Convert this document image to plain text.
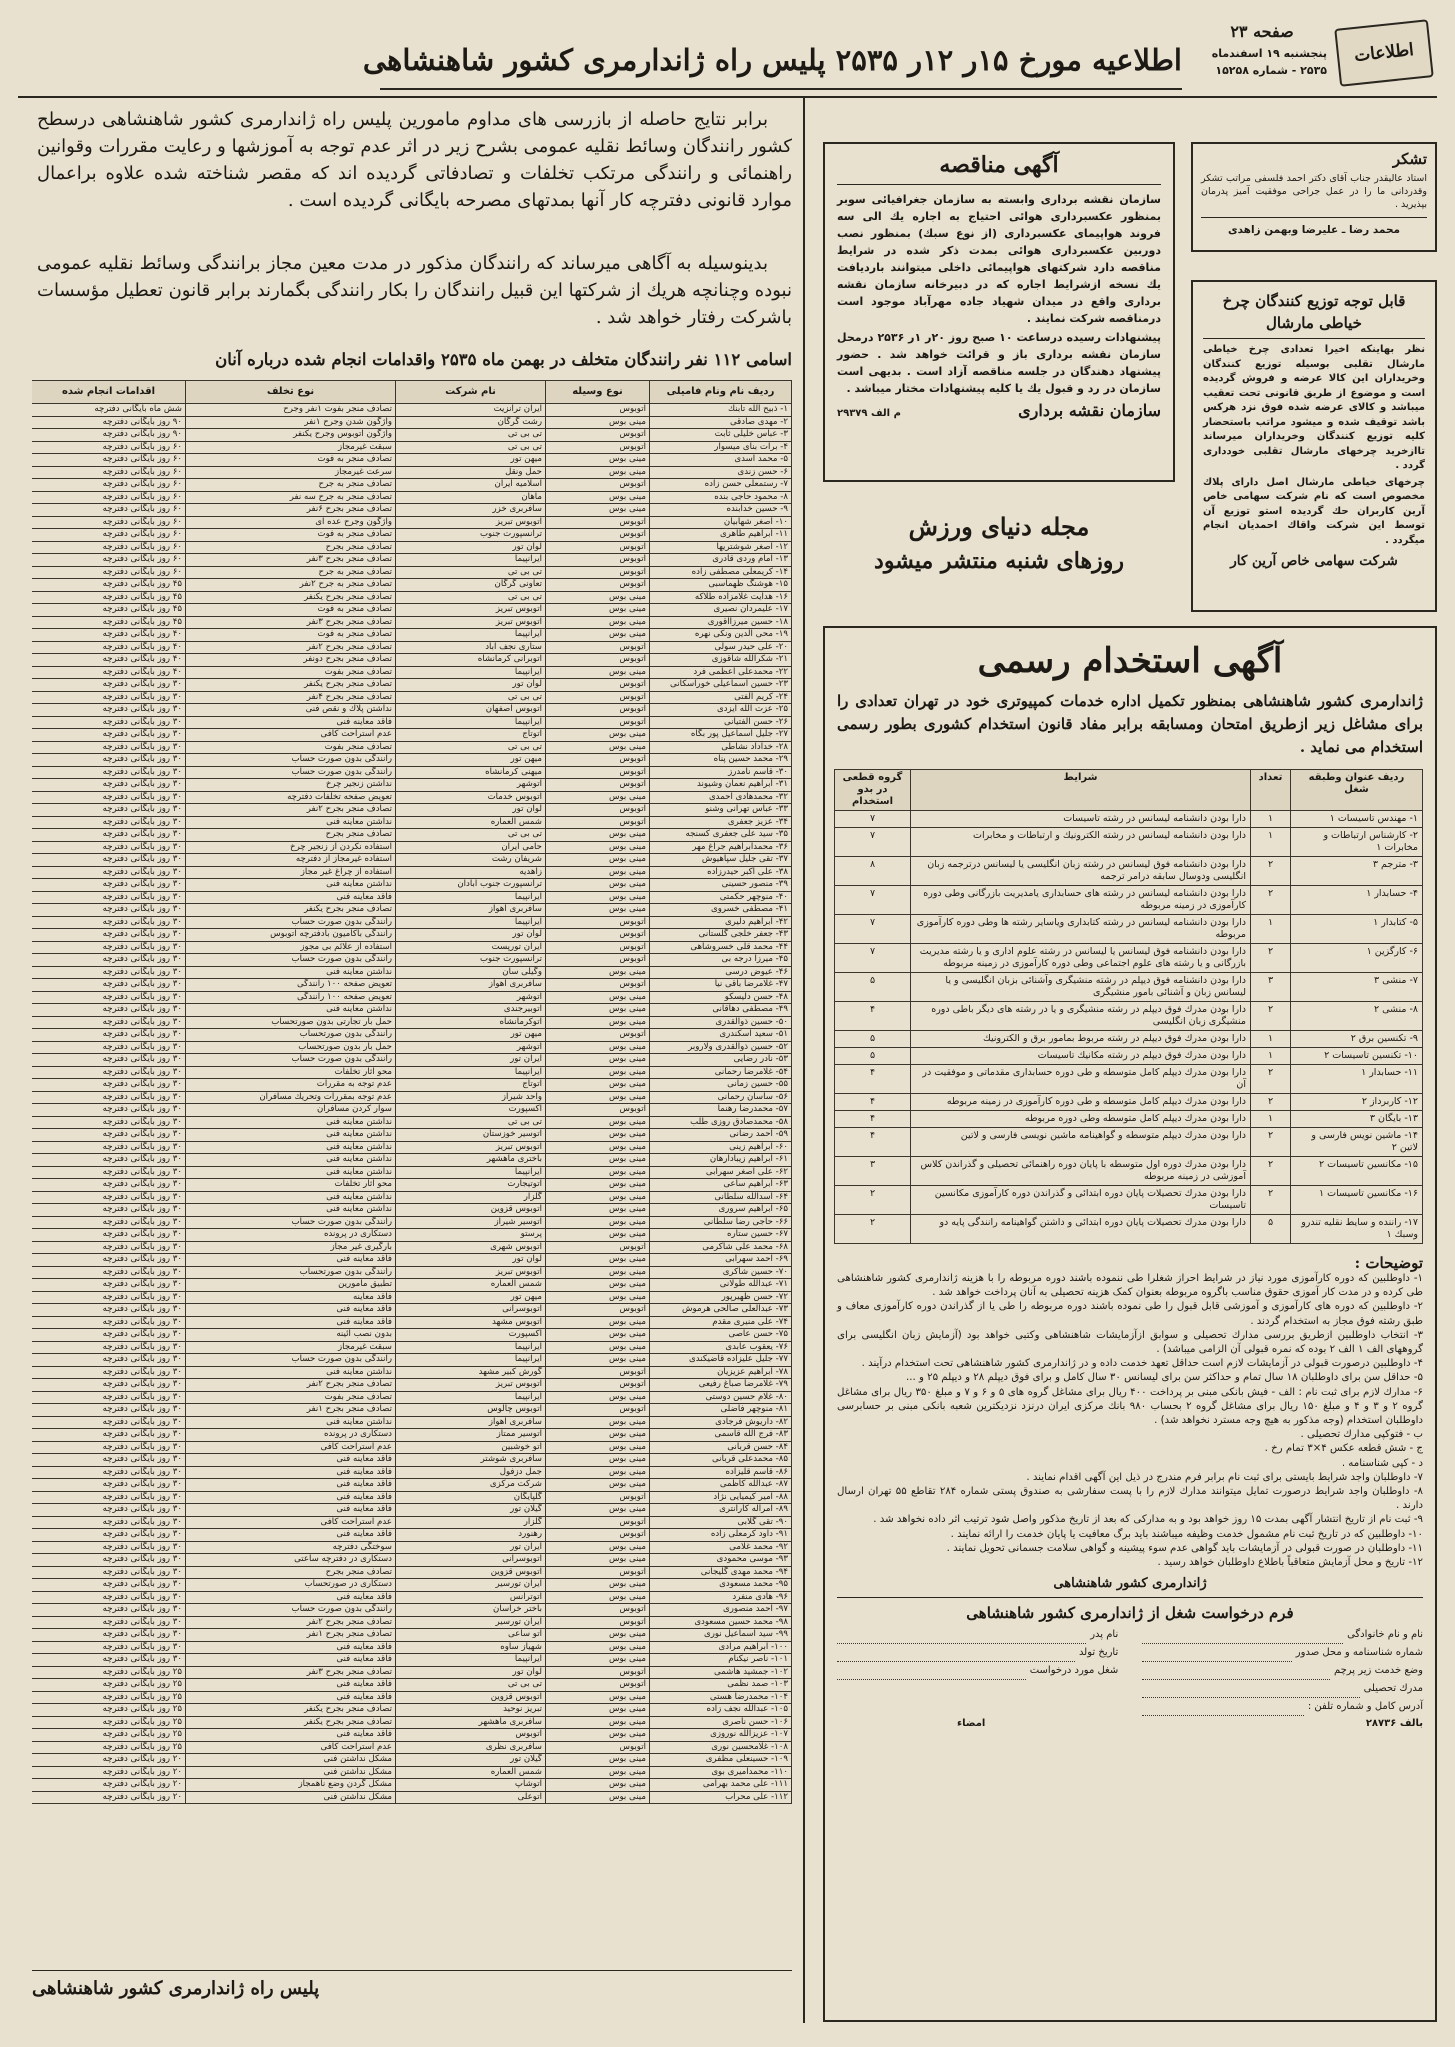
اطلاعات
صفحه ۲۳
پنجشنبه ۱۹ اسفندماه
۲۵۳۵ - شماره ۱۵۲۵۸
اطلاعیه مورخ ۱۵ر ۱۲ر ۲۵۳۵ پلیس راه ژاندارمری کشور شاهنشاهی
برابر نتایج حاصله از بازرسی های مداوم مامورین پلیس راه ژاندارمری کشور شاهنشاهی درسطح کشور رانندگان وسائط نقلیه عمومی بشرح زیر در اثر عدم توجه به آموزشها و رعایت مقررات وقوانین راهنمائی و رانندگی مرتکب تخلفات و تصادفاتی گردیده اند که مقصر شناخته شده علاوه براعمال موارد قانونی دفترچه کار آنها بمدتهای مصرحه بایگانی گردیده است .
بدینوسیله به آگاهی میرساند که رانندگان مذکور در مدت معین مجاز برانندگی وسائط نقلیه عمومی نبوده وچنانچه هریك از شرکتها این قبیل رانندگان را بکار رانندگی بگمارند برابر قانون تعطیل مؤسسات باشرکت رفتار خواهد شد .
اسامی ۱۱۲ نفر رانندگان متخلف در بهمن ماه ۲۵۳۵ واقدامات انجام شده درباره آنان
ردیف نام ونام فامیلی	نوع وسیله	نام شرکت	نوع تخلف	اقدامات انجام شده
۱- ذبیح الله تابنك	اتوبوس	ایران ترانزیت	تصادف منجر بفوت ۱نفر وجرح	شش ماه بایگانی دفترچه
۲- مهدی صادقی	مینی بوس	رشت گرگان	واژگون شدن وجرح ۱نفر	۹۰ روز بایگانی دفترچه
۳- عباس خلیلی ثابت	اتوبوس	تی بی تی	واژگون اتوبوس وجرح یکنفر	۹۰ روز بایگانی دفترچه
۴- برات بنای میسوار	اتوبوس	تی بی تی	سبقت غیرمجاز	۶۰ روز بایگانی دفترچه
۵- محمد اسدی	مینی بوس	میهن تور	تصادف منجر به فوت	۶۰ روز بایگانی دفترچه
۶- حسن زندی	مینی بوس	حمل ونقل	سرعت غیرمجاز	۶۰ روز بایگانی دفترچه
۷- رستمعلی حسن زاده	اتوبوس	اسلامیه ایران	تصادف منجر به جرح	۶۰ روز بایگانی دفترچه
۸- محمود حاجی بنده	مینی بوس	ماهان	تصادف منجر به جرح سه نفر	۶۰ روز بایگانی دفترچه
۹- حسین خدابنده	مینی بوس	سافربری خزر	تصادف منجر بجرح ۶نفر	۶۰ روز بایگانی دفترچه
۱۰- اصغر شهابیان	اتوبوس	اتوبوس تبریز	واژگون وجرح عده ای	۶۰ روز بایگانی دفترچه
۱۱- ابراهیم طاهری	اتوبوس	ترانسپورت جنوب	تصادف منجر به فوت	۶۰ روز بایگانی دفترچه
۱۲- اصغر شوشتریها	اتوبوس	لوان تور	تصادف منجر بجرح	۶۰ روز بایگانی دفترچه
۱۳- امام وردی قادری	اتوبوس	ایرانپیما	تصادف منجر بجرح ۳نفر	۶۰ روز بایگانی دفترچه
۱۴- کریمعلی مصطفی زاده	اتوبوس	تی بی تی	تصادف منجر به جرح	۶۰ روز بایگانی دفترچه
۱۵- هوشنگ ظهماسبی	اتوبوس	تعاونی گرگان	تصادف منجر به جرح ۲نفر	۴۵ روز بایگانی دفترچه
۱۶- هدایت غلامزاده طلاکه	مینی بوس	تی بی تی	تصادف منجر بجرح یکنفر	۴۵ روز بایگانی دفترچه
۱۷- علیمردان نصیری	مینی بوس	اتوبوس تبریز	تصادف منجر به فوت	۴۵ روز بایگانی دفترچه
۱۸- حسین میرزاآقوری	مینی بوس	اتوبوس تبریز	تصادف منجر بجرح ۳نفر	۴۵ روز بایگانی دفترچه
۱۹- محی الدین ونکی نهره	مینی بوس	ایرانپیما	تصادف منجر به فوت	۴۰ روز بایگانی دفترچه
۲۰- علی حیدر سولی	اتوبوس	ستاری نجف آباد	تصادف منجر بجرح ۲نفر	۴۰ روز بایگانی دفترچه
۲۱- شکرالله شاقوزی	اتوبوس	اتوبرانی کرمانشاه	تصادف منجر بجرح دونفر	۴۰ روز بایگانی دفترچه
۲۲- محمدعلی اعظمی فرد	مینی بوس	ایرانپیما	تصادف منجر بفوت	۴۰ روز بایگانی دفترچه
۲۳- حسین اسماعیلی خوراسکانی	اتوبوس	لوان تور	تصادف منجر بجرح یکنفر	۳۰ روز بایگانی دفترچه
۲۴- کریم آلفتی	اتوبوس	تی بی تی	تصادف منجر بجرح ۴نفر	۳۰ روز بایگانی دفترچه
۲۵- عزت الله ایزدی	اتوبوس	اتوبوس اصفهان	نداشتن پلاك و نقص فنی	۳۰ روز بایگانی دفترچه
۲۶- حسن آلفتیانی	اتوبوس	ایرانپیما	فاقد معاینه فنی	۳۰ روز بایگانی دفترچه
۲۷- جلیل اسماعیل پور بگاه	مینی بوس	اتوتاج	عدم استراحت کافی	۳۰ روز بایگانی دفترچه
۲۸- خداداد نشاطی	مینی بوس	تی بی تی	تصادف منجر بفوت	۳۰ روز بایگانی دفترچه
۲۹- محمد حسین پناه	اتوبوس	میهن تور	رانندگی بدون صورت حساب	۳۰ روز بایگانی دفترچه
۳۰- قاسم نامدرز	اتوبوس	میهنی کرمانشاه	رانندگی بدون صورت حساب	۳۰ روز بایگانی دفترچه
۳۱- ابراهیم نعمان وشیوند	اتوبوس	اتوشهر	نداشتن زنجیر چرخ	۳۰ روز بایگانی دفترچه
۳۲- محمدهادی احمدی	مینی بوس	اتوبوس خدمات	تعویض صفحه تخلفات دفترچه	۳۰ روز بایگانی دفترچه
۳۳- عباس تهرانی وشنو	اتوبوس	لوان تور	تصادف منجر بجرح ۲نفر	۳۰ روز بایگانی دفترچه
۳۴- عزیز جعفری	اتوبوس	شمس العماره	نداشتن معاینه فنی	۳۰ روز بایگانی دفترچه
۳۵- سید علی جعفری کسنجه	مینی بوس	تی بی تی	تصادف منجر بجرح	۳۰ روز بایگانی دفترچه
۳۶- محمدابراهیم جراغ مهر	مینی بوس	حامی ایران	استفاده نکردن از زنجیر چرخ	۳۰ روز بایگانی دفترچه
۳۷- تقی جلیل سپاهیوش	مینی بوس	شریفان رشت	استفاده غیرمجاز از دفترچه	۳۰ روز بایگانی دفترچه
۳۸- علی اکبر حیدرزاده	مینی بوس	زاهدیه	استفاده از چراغ غیر مجاز	۳۰ روز بایگانی دفترچه
۳۹- منصور حسینی	مینی بوس	ترانسپورت جنوب آبادان	نداشتن معاینه فنی	۳۰ روز بایگانی دفترچه
۴۰- منوچهر حکمتی	مینی بوس	ایرانپیما	فاقد معاینه فنی	۳۰ روز بایگانی دفترچه
۴۱- مصطفی خسروی	مینی بوس	سافربری اهواز	تصادف منجر بجرح یکنفر	۳۰ روز بایگانی دفترچه
۴۲- ابراهیم دلیری	اتوبوس	ایرانپیما	رانندگی بدون صورت حساب	۳۰ روز بایگانی دفترچه
۴۳- جعفر خلجی گلستانی	اتوبوس	لوان تور	رانندگی باکامیون بادفترچه اتوبوس	۳۰ روز بایگانی دفترچه
۴۴- محمد قلی خسروشاهی	اتوبوس	ایران تورپست	استفاده از علائم بی مجوز	۳۰ روز بایگانی دفترچه
۴۵- میرزا درجه بی	اتوبوس	ترانسپورت جنوب	رانندگی بدون صورت حساب	۳۰ روز بایگانی دفترچه
۴۶- عیوض درسی	مینی بوس	وگیلی سان	نداشتن معاینه فنی	۳۰ روز بایگانی دفترچه
۴۷- غلامرضا باقی نیا	اتوبوس	سافربری اهواز	تعویض صفحه ۱۰۰ رانندگی	۳۰ روز بایگانی دفترچه
۴۸- حسن دلیسکو	مینی بوس	اتوشهر	تعویض صفحه ۱۰۰ رانندگی	۳۰ روز بایگانی دفترچه
۴۹- مصطفی دهاقانی	مینی بوس	اتوبیرجندی	نداشتن معاینه فنی	۳۰ روز بایگانی دفترچه
۵۰- حسین ذوالقدری	مینی بوس	اتوکرمانشاه	حمل بار تجارتی بدون صورتحساب	۳۰ روز بایگانی دفترچه
۵۱- سعید اسکندری	اتوبوس	میهن تور	رانندگی بدون صورتحساب	۳۰ روز بایگانی دفترچه
۵۲- حسین ذوالقدری ولاروبر	مینی بوس	اتوشهر	حمل بار بدون صورتحساب	۳۰ روز بایگانی دفترچه
۵۳- نادر رضایی	مینی بوس	ایران تور	رانندگی بدون صورت حساب	۳۰ روز بایگانی دفترچه
۵۴- غلامرضا رحمانی	مینی بوس	ایرانپیما	محو آثار تخلفات	۳۰ روز بایگانی دفترچه
۵۵- حسین زمانی	مینی بوس	اتوتاج	عدم توجه به مقررات	۳۰ روز بایگانی دفترچه
۵۶- ساسان رحمانی	مینی بوس	واحد شیراز	عدم توجه بمقررات وتحریك مسافران	۳۰ روز بایگانی دفترچه
۵۷- محمدرضا رهنما	اتوبوس	اکسپورت	سوار کردن مسافران	۳۰ روز بایگانی دفترچه
۵۸- محمدصادق روزی طلب	مینی بوس	تی بی تی	نداشتن معاینه فنی	۳۰ روز بایگانی دفترچه
۵۹- احمد رضانی	مینی بوس	اتوسیر خوزستان	نداشتن معاینه فنی	۳۰ روز بایگانی دفترچه
۶۰- ابراهیم زینی	مینی بوس	اتوبوس تبریز	نداشتن معاینه فنی	۳۰ روز بایگانی دفترچه
۶۱- ابراهیم زیبادارهان	مینی بوس	باختری ماهشهر	نداشتن معاینه فنی	۳۰ روز بایگانی دفترچه
۶۲- علی اصغر سهرابی	مینی بوس	ایرانپیما	نداشتن معاینه فنی	۳۰ روز بایگانی دفترچه
۶۳- ابراهیم ساعی	مینی بوس	اتوتیجارت	محو آثار تخلفات	۳۰ روز بایگانی دفترچه
۶۴- اسدالله سلطانی	مینی بوس	گلزار	نداشتن معاینه فنی	۳۰ روز بایگانی دفترچه
۶۵- ابراهیم سروری	مینی بوس	اتوبوس قزوین	نداشتن معاینه فنی	۳۰ روز بایگانی دفترچه
۶۶- حاجی رضا سلطانی	مینی بوس	اتوسیر شیراز	رانندگی بدون صورت حساب	۳۰ روز بایگانی دفترچه
۶۷- حسین ستاره	مینی بوس	پرستو	دستکاری در پرونده	۳۰ روز بایگانی دفترچه
۶۸- محمد علی شاکرمی	اتوبوس	اتوبوس شهری	بارگیری غیر مجاز	۳۰ روز بایگانی دفترچه
۶۹- احمد سهرابی	مینی بوس	لوان تور	فاقد معاینه فنی	۳۰ روز بایگانی دفترچه
۷۰- حسین شاکری	مینی بوس	اتوبوس تبریز	رانندگی بدون صورتحساب	۳۰ روز بایگانی دفترچه
۷۱- عبدالله طولانی	مینی بوس	شمس العماره	تطبیق مامورین	۳۰ روز بایگانی دفترچه
۷۲- حسن ظهیرپور	مینی بوس	میهن تور	فاقد معاینه	۳۰ روز بایگانی دفترچه
۷۳- عبدالعلی صالحی هرموش	اتوبوس	اتوبوسرانی	فاقد معاینه فنی	۳۰ روز بایگانی دفترچه
۷۴- علی منیری مقدم	مینی بوس	اتوبوس مشهد	فاقد معاینه فنی	۳۰ روز بایگانی دفترچه
۷۵- حسن عاصی	مینی بوس	اکسپورت	بدون نصب آئینه	۳۰ روز بایگانی دفترچه
۷۶- یعقوب عابدی	مینی بوس	ایرانپیما	سبقت غیرمجاز	۳۰ روز بایگانی دفترچه
۷۷- جلیل علیزاده قاضیکندی	مینی بوس	ایرانپیما	رانندگی بدون صورت حساب	۳۰ روز بایگانی دفترچه
۷۸- ابراهیم عزیزیان	اتوبوس	گورش کبیر مشهد	نداشتن معاینه فنی	۳۰ روز بایگانی دفترچه
۷۹- غلامرضا صباغ رفیعی	اتوبوس	اتوبوس تبریز	تصادف منجر بجرح ۲نفر	۳۰ روز بایگانی دفترچه
۸۰- غلام حسین دوستی	مینی بوس	ایرانپیما	تصادف منجر بفوت	۳۰ روز بایگانی دفترچه
۸۱- منوچهر فاضلی	اتوبوس	اتوبوس چالوس	تصادف منجر بجرح ۱نفر	۳۰ روز بایگانی دفترچه
۸۲- داریوش فرجادی	مینی بوس	سافربری اهواز	نداشتن معاینه فنی	۳۰ روز بایگانی دفترچه
۸۳- فرج الله قاسمی	مینی بوس	اتوسیر ممتاز	دستکاری در پرونده	۳۰ روز بایگانی دفترچه
۸۴- حسن قربانی	مینی بوس	اتو خوشبین	عدم استراحت کافی	۳۰ روز بایگانی دفترچه
۸۵- محمدعلی قربانی	مینی بوس	سافربری شوشتر	فاقد معاینه فنی	۳۰ روز بایگانی دفترچه
۸۶- قاسم قلیزاده	مینی بوس	جمل دزفول	فاقد معاینه فنی	۳۰ روز بایگانی دفترچه
۸۷- عبدالله کاظمی	مینی بوس	شرکت مرکزی	فاقد معاینه فنی	۳۰ روز بایگانی دفترچه
۸۸- امیر کیمیایی نژاد	اتوبوس	گلپایگان	فاقد معاینه فنی	۳۰ روز بایگانی دفترچه
۸۹- امراله کارانتری	مینی بوس	گیلان تور	فاقد معاینه فنی	۳۰ روز بایگانی دفترچه
۹۰- تقی گلابی	اتوبوس	گلزار	عدم استراحت کافی	۳۰ روز بایگانی دفترچه
۹۱- داود کرمعلی زاده	اتوبوس	رهنورد	فاقد معاینه فنی	۳۰ روز بایگانی دفترچه
۹۲- محمد غلامی	مینی بوس	ایران تور	سوختگی دفترچه	۳۰ روز بایگانی دفترچه
۹۳- موسی محمودی	مینی بوس	اتوبوسرانی	دستکاری در دفترچه ساعتی	۳۰ روز بایگانی دفترچه
۹۴- محمد مهدی گلیجانی	اتوبوس	اتوبوس قزوین	تصادف منجر بجرح	۳۰ روز بایگانی دفترچه
۹۵- محمد مسعودی	مینی بوس	ایران تورسیر	دستکاری در صورتحساب	۳۰ روز بایگانی دفترچه
۹۶- هادی منفرد	مینی بوس	اتوترانس	فاقد معاینه فنی	۳۰ روز بایگانی دفترچه
۹۷- احمد منصوری	اتوبوس	باختر خراسان	رانندگی بدون صورت حساب	۳۰ روز بایگانی دفترچه
۹۸- محمد حسین مسعودی	اتوبوس	ایران تورسیر	تصادف منجر بجرح ۲نفر	۳۰ روز بایگانی دفترچه
۹۹- سید اسماعیل نوری	مینی بوس	اتو ساعی	تصادف منجر بجرح ۱نفر	۳۰ روز بایگانی دفترچه
۱۰۰- ابراهیم مرادی	مینی بوس	شهیاز ساوه	فاقد معاینه فنی	۳۰ روز بایگانی دفترچه
۱۰۱- ناصر نیکنام	مینی بوس	ایرانپیما	فاقد معاینه فنی	۳۰ روز بایگانی دفترچه
۱۰۲- جمشید هاشمی	اتوبوس	لوان تور	تصادف منجر بجرح ۳نفر	۲۵ روز بایگانی دفترچه
۱۰۳- صمد نظمی	اتوبوس	تی بی تی	فاقد معاینه فنی	۲۵ روز بایگانی دفترچه
۱۰۴- محمدرضا هستی	مینی بوس	اتوبوس قزوین	فاقد معاینه فنی	۲۵ روز بایگانی دفترچه
۱۰۵- عبدالله نجف زاده	مینی بوس	تبریز نوحید	تصادف منجر بجرح یکنفر	۲۵ روز بایگانی دفترچه
۱۰۶- حسن ناصری	مینی بوس	سافربری ماهشهر	تصادف منجر بجرح یکنفر	۲۵ روز بایگانی دفترچه
۱۰۷- عزیزالله نوروزی	مینی بوس	اتوبوس	فاقد معاینه فنی	۲۵ روز بایگانی دفترچه
۱۰۸- غلامحسین نوری	اتوبوس	سافربری نظری	عدم استراحت کافی	۲۵ روز بایگانی دفترچه
۱۰۹- حسینعلی مظفری	مینی بوس	گیلان تور	مشکل نداشتن فنی	۲۰ روز بایگانی دفترچه
۱۱۰- محمدامیری بوی	مینی بوس	شمس العماره	مشکل نداشتن فنی	۲۰ روز بایگانی دفترچه
۱۱۱- علی محمد بهرامی	مینی بوس	اتوشاپ	مشکل گردن وضع ناهمجاز	۲۰ روز بایگانی دفترچه
۱۱۲- علی محراب	مینی بوس	اتوعلی	مشکل نداشتن فنی	۲۰ روز بایگانی دفترچه
پلیس راه ژاندارمری کشور شاهنشاهی
تشکر
استاد عالیقدر جناب آقای دکتر احمد فلسفی مراتب تشکر وقدردانی ما را در عمل جراحی موفقیت آمیز پدرمان بپذیرید .
محمد رضا ـ علیرضا وبهمن زاهدی
آگهی مناقصه
سازمان نقشه برداری وابسته به سازمان جغرافیائی سوبر بمنظور عکسبرداری هوائی احتیاج به اجاره یك الی سه فروند هواپیمای عکسبرداری (از نوع سبك) بمنظور نصب دوربین عکسبرداری هوائی بمدت ذکر شده در شرایط مناقصه دارد شرکتهای هواپیمائی داخلی میتوانند باردیافت یك نسخه ازشرایط اجاره که در دبیرخانه سازمان نقشه برداری واقع در میدان شهیاد جاده مهرآباد موجود است درمناقصه شرکت نمایند .
پیشنهادات رسیده درساعت ۱۰ صبح روز ۲۰ر ۱ر ۲۵۳۶ درمحل سازمان نقشه برداری باز و قرائت خواهد شد . حضور پیشنهاد دهندگان در جلسه مناقصه آزاد است . بدیهی است سازمان در رد و قبول یك یا کلیه پیشنهادات مختار میباشد .
سازمان نقشه برداری
م الف ۲۹۳۷۹
قابل توجه توزیع کنندگان چرخ خیاطی مارشال
نظر بهاینکه اخیرا تعدادی چرخ خیاطی مارشال تقلبی بوسیله توزیع کنندگان وخریداران این کالا عرضه و فروش گردیده است و موضوع از طریق قانونی تحت تعقیب میباشد و کالای عرضه شده فوق نزد هرکس باشد توقیف شده و میشود مراتب باستحضار کلیه توزیع کنندگان وخریداران میرساند تاازخرید چرخهای مارشال تقلبی خودداری گردد .
چرخهای خیاطی مارشال اصل دارای پلاك مخصوص است که نام شرکت سهامی خاص آرین کاربران حك گردیده استو توزیع آن توسط این شرکت واقاك احمدیان انجام میگردد .
شرکت سهامی خاص آرین کار
مجله دنیای ورزش
روزهای شنبه منتشر میشود
آگهی استخدام رسمی
ژاندارمری کشور شاهنشاهی بمنظور تکمیل اداره خدمات کمپیوتری خود در تهران تعدادی را برای مشاغل زیر ازطریق امتحان ومسابقه برابر مفاد قانون استخدام کشوری بطور رسمی استخدام می نماید .
ردیف عنوان وطبقه شغل	تعداد	شرایط	گروه قطعی در بدو استخدام
۱- مهندس تاسیسات ۱	۱	دارا بودن دانشنامه لیسانس در رشته تاسیسات	۷
۲- کارشناس ارتباطات و مخابرات ۱	۱	دارا بودن دانشنامه لیسانس در رشته الکترونیك و ارتباطات و مخابرات	۷
۳- مترجم ۳	۲	دارا بودن دانشنامه فوق لیسانس در رشته زبان انگلیسی یا لیسانس درترجمه زبان انگلیسی ودوسال سابقه درامر ترجمه	۸
۴- حسابدار ۱	۲	دارا بودن دانشنامه لیسانس در رشته های حسابداری یامدیریت بازرگانی وطی دوره کارآموزی در زمینه مربوطه	۷
۵- کتابدار ۱	۱	دارا بودن دانشنامه لیسانس در رشته کتابداری ویاسایر رشته ها وطی دوره کارآموزی مربوطه	۷
۶- کارگزین ۱	۲	دارا بودن دانشنامه فوق لیسانس یا لیسانس در رشته علوم اداری و یا رشته مدیریت بازرگانی و یا رشته های علوم اجتماعی وطی دوره کارآموزی در زمینه مربوطه	۷
۷- منشی ۳	۳	دارا بودن دانشنامه فوق دیپلم در رشته منشیگری وآشنائی بزبان انگلیسی و یا لیسانس زبان و آشنائی بامور منشیگری	۵
۸- منشی ۲	۲	دارا بودن مدرك فوق دیپلم در رشته منشیگری و یا در رشته های دیگر باطی دوره منشیگری زبان انگلیسی	۴
۹- تکنسین برق ۲	۱	دارا بودن مدرك فوق دیپلم در رشته مربوط بمامور برق و الکترونیك	۵
۱۰- تکنسین تاسیسات ۲	۱	دارا بودن مدرك فوق دیپلم در رشته مکانیك تاسیسات	۵
۱۱- حسابدار ۱	۲	دارا بودن مدرك دیپلم کامل متوسطه و طی دوره حسابداری مقدماتی و موفقیت در آن	۴
۱۲- کاربرداز ۲	۲	دارا بودن مدرك دیپلم کامل متوسطه و طی دوره کارآموزی در زمینه مربوطه	۴
۱۳- بایگان ۳	۱	دارا بودن مدرك دیپلم کامل متوسطه وطی دوره مربوطه	۴
۱۴- ماشین نویس فارسی و لاتین ۲	۲	دارا بودن مدرك دیپلم متوسطه و گواهینامه ماشین نویسی فارسی و لاتین	۴
۱۵- مکانسین تاسیسات ۲	۲	دارا بودن مدرك دوره اول متوسطه با پایان دوره راهنمائی تحصیلی و گذراندن کلاس آموزشی در زمینه مربوطه	۳
۱۶- مکانسین تاسیسات ۱	۲	دارا بودن مدرك تحصیلات پایان دوره ابتدائی و گذراندن دوره کارآموزی مکانسین تاسیسات	۲
۱۷- راننده و سایط نقلیه تندرو وسبك ۱	۵	دارا بودن مدرك تحصیلات پایان دوره ابتدائی و داشتن گواهینامه رانندگی پایه دو	۲
توضیحات :
۱- داوطلبین که دوره کارآموزی مورد نیاز در شرایط احراز شغلرا طی ننموده باشند دوره مربوطه را با هزینه ژاندارمری کشور شاهنشاهی طی کرده و در مدت کار آموزی حقوق مناسب باگروه مربوطه بعنوان کمک هزینه تحصیلی به آنان پرداخت خواهد شد .
۲- داوطلبین که دوره های کارآموزی و آموزشی قابل قبول را طی نموده باشند دوره مربوطه را طی یا از گذراندن دوره کارآموزی معاف و طبق رشته فوق مجاز به استخدام گردند .
۳- انتخاب داوطلبین ازطریق بررسی مدارك تحصیلی و سوابق ازآزمایشات شاهنشاهی وکتبی خواهد بود (آزمایش زبان انگلیسی برای گروههای الف ۱ الف ۲ بوده که نمره قبولی آن الزامی میباشد) .
۴- داوطلبین درصورت قبولی در آزمایشات لازم است حداقل تعهد خدمت داده و در ژاندارمری کشور شاهنشاهی تحت استخدام درآیند .
۵- حداقل سن برای داوطلبان ۱۸ سال تمام و حداکثر سن برای لیسانس ۳۰ سال کامل و برای فوق دیپلم ۲۸ و دیپلم ۲۵ و ...
۶- مدارك لازم برای ثبت نام : الف - فیش بانکی مبنی بر پرداخت ۴۰۰ ریال برای مشاغل گروه های ۵ و ۶ و ۷ و مبلغ ۳۵۰ ریال برای مشاغل گروه ۲ و ۳ و ۴ و مبلغ ۱۵۰ ریال برای مشاغل گروه ۲ بحساب ۹۸۰ بانك مرکزی ایران درنزد نزدیکترین شعبه بانکی مبنی بر حسابرسی داوطلبان استخدام (وجه مذکور به هیچ وجه مسترد نخواهد شد) .
ب - فتوکپی مدارك تحصیلی .
ج - شش قطعه عکس ۴×۳ تمام رخ .
د - کپی شناسنامه .
۷- داوطلبان واجد شرایط بایستی برای ثبت نام برابر فرم مندرج در ذیل این آگهی اقدام نمایند .
۸- داوطلبان واجد شرایط درصورت تمایل میتوانند مدارك لازم را با پست سفارشی به صندوق پستی شماره ۲۸۴ تقاطع ۵۵ تهران ارسال دارند .
۹- ثبت نام از تاریخ انتشار آگهی بمدت ۱۵ روز خواهد بود و به مدارکی که بعد از تاریخ مذکور واصل شود ترتیب اثر داده نخواهد شد .
۱۰- داوطلبین که در تاریخ ثبت نام مشمول خدمت وظیفه میباشند باید برگ معافیت یا پایان خدمت را ارائه نمایند .
۱۱- داوطلبان در صورت قبولی در آزمایشات باید گواهی عدم سوء پیشینه و گواهی سلامت جسمانی تحویل نمایند .
۱۲- تاریخ و محل آزمایش متعاقباً باطلاع داوطلبان خواهد رسید .
ژاندارمری کشور شاهنشاهی
فرم درخواست شغل از ژاندارمری کشور شاهنشاهی
نام و نام خانوادگی
شماره شناسنامه و محل صدور
وضع خدمت زیر پرچم
مدرك تحصیلی
آدرس کامل و شماره تلفن :
نام پدر
تاریخ تولد
شغل مورد درخواست
بالف ۲۸۷۳۶
امضاء
